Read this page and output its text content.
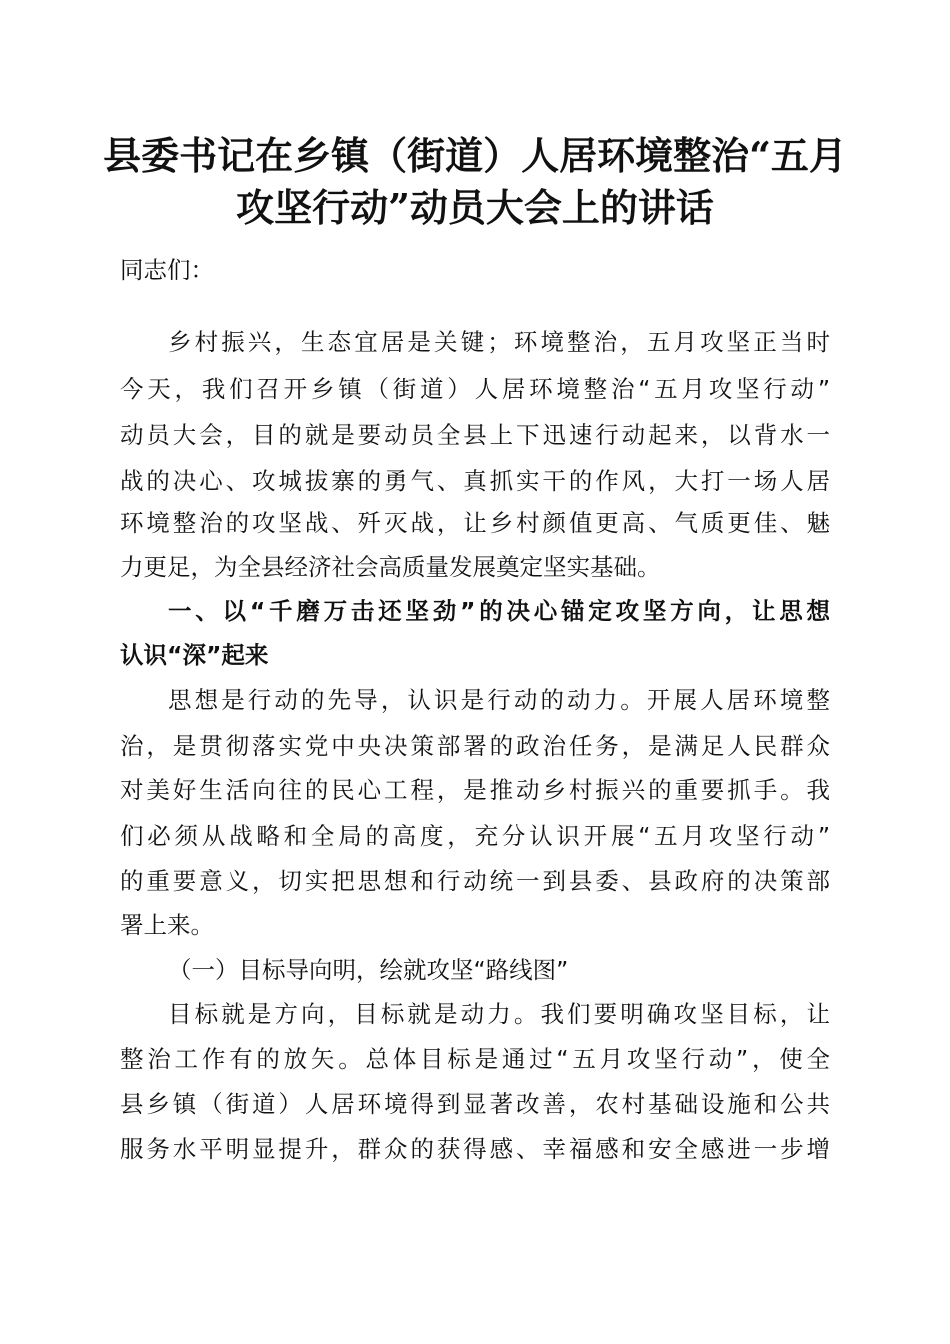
县委书记在乡镇（街道）人居环境整治“五月
攻坚行动”动员大会上的讲话

同志们：

乡村振兴，生态宜居是关键；环境整治，五月攻坚正当时

今天，我们召开乡镇（街道）人居环境整治“五月攻坚行动”

动员大会，目的就是要动员全县上下迅速行动起来，以背水一

战的决心、攻城拔寨的勇气、真抓实干的作风，大打一场人居

环境整治的攻坚战、歼灭战，让乡村颜值更高、气质更佳、魅

力更足，为全县经济社会高质量发展奠定坚实基础。

一、以“千磨万击还坚劲”的决心锚定攻坚方向，让思想

认识“深”起来

思想是行动的先导，认识是行动的动力。开展人居环境整

治，是贯彻落实党中央决策部署的政治任务，是满足人民群众

对美好生活向往的民心工程，是推动乡村振兴的重要抓手。我

们必须从战略和全局的高度，充分认识开展“五月攻坚行动”

的重要意义，切实把思想和行动统一到县委、县政府的决策部

署上来。

（一）目标导向明，绘就攻坚“路线图”

目标就是方向，目标就是动力。我们要明确攻坚目标，让

整治工作有的放矢。总体目标是通过“五月攻坚行动”，使全

县乡镇（街道）人居环境得到显著改善，农村基础设施和公共

服务水平明显提升，群众的获得感、幸福感和安全感进一步增
